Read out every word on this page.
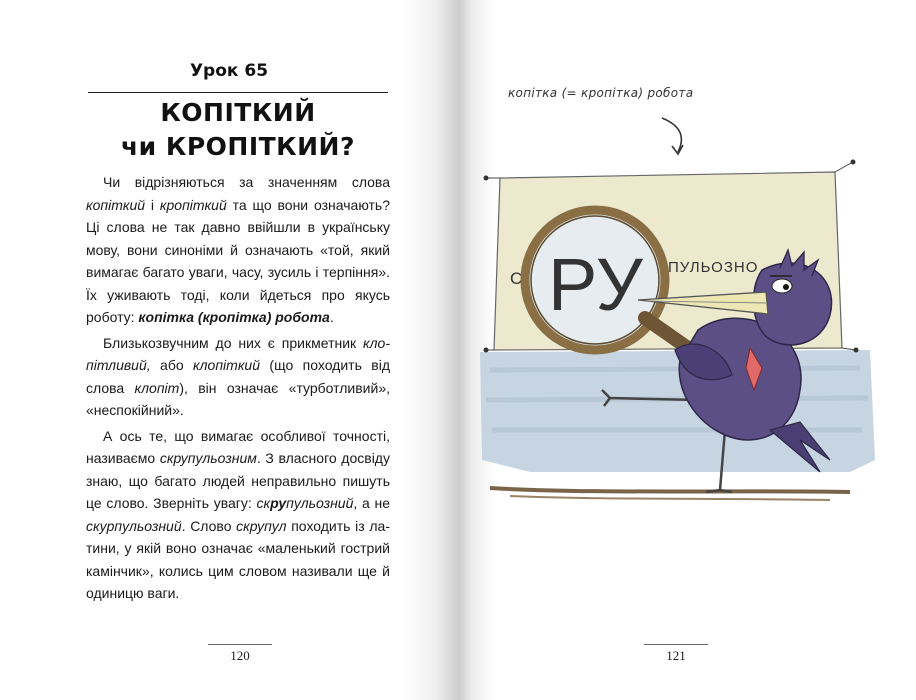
Урок 65
КОПІТКИЙ
чи КРОПІТКИЙ?

Чи відрізняються за значенням слова копіткий і кропіткий та що вони означають? Ці слова не так давно ввійшли в українську мову, вони синоніми й означають «той, який вимагає багато уваги, часу, зусиль і терпіння». Їх уживають тоді, коли йдеться про якусь роботу: копітка (кропітка) робота.

Близькозвучним до них є прикметник клопітливий, або клопіткий (що походить від слова клопіт), він означає «турботливий», «неспокійний».

А ось те, що вимагає особливої точності, називаємо скрупульозним. З власного досвіду знаю, що багато людей неправильно пишуть це слово. Зверніть увагу: скрупульозний, а не скурпульозний. Слово скрупул походить із латини, у якій воно означає «маленький гострий камінчик», колись цим словом називали ще й одиницю ваги.

120	121
копітка (= кропітка) робота
С
ПУЛЬОЗНО
РУ
